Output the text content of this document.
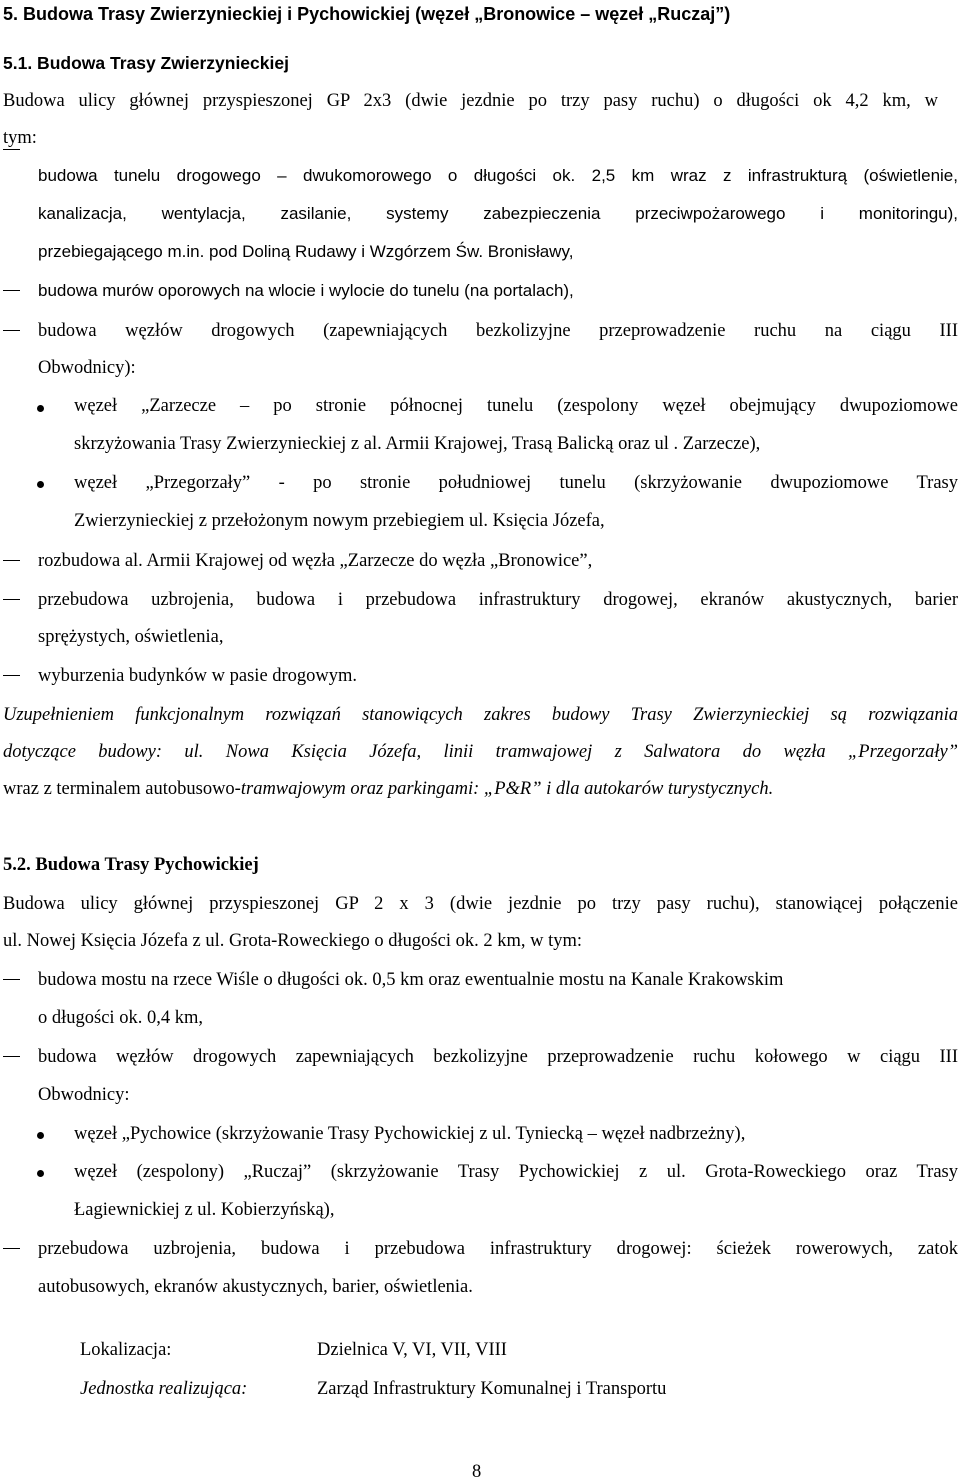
5. Budowa Trasy Zwierzynieckiej i Pychowickiej (węzeł „Bronowice – węzeł „Ruczaj”)
5.1. Budowa Trasy Zwierzynieckiej
Budowa ulicy głównej przyspieszonej GP 2x3 (dwie jezdnie po trzy pasy ruchu) o długości ok 4,2 km, w
tym:
budowa tunelu drogowego – dwukomorowego o długości ok. 2,5 km wraz z infrastrukturą (oświetlenie,
kanalizacja, wentylacja, zasilanie, systemy zabezpieczenia przeciwpożarowego i monitoringu),
przebiegającego m.in. pod Doliną Rudawy i Wzgórzem Św. Bronisławy,
budowa murów oporowych na wlocie i wylocie do tunelu (na portalach),
budowa węzłów drogowych (zapewniających bezkolizyjne przeprowadzenie ruchu na ciągu III
Obwodnicy):
węzeł „Zarzecze – po stronie północnej tunelu (zespolony węzeł obejmujący dwupoziomowe
skrzyżowania Trasy Zwierzynieckiej z al. Armii Krajowej, Trasą Balicką oraz ul . Zarzecze),
węzeł „Przegorzały” - po stronie południowej tunelu (skrzyżowanie dwupoziomowe Trasy
Zwierzynieckiej z przełożonym nowym przebiegiem ul. Księcia Józefa,
rozbudowa al. Armii Krajowej od węzła „Zarzecze do węzła „Bronowice”,
przebudowa uzbrojenia, budowa i przebudowa infrastruktury drogowej, ekranów akustycznych, barier
sprężystych, oświetlenia,
wyburzenia budynków w pasie drogowym.
Uzupełnieniem funkcjonalnym rozwiązań stanowiących zakres budowy Trasy Zwierzynieckiej są rozwiązania
dotyczące budowy: ul. Nowa Księcia Józefa, linii tramwajowej z Salwatora do węzła „Przegorzały”
wraz z terminalem autobusowo-tramwajowym oraz parkingami: „P&R” i dla autokarów turystycznych.
5.2. Budowa Trasy Pychowickiej
Budowa ulicy głównej przyspieszonej GP 2 x 3 (dwie jezdnie po trzy pasy ruchu), stanowiącej połączenie
ul. Nowej Księcia Józefa z ul. Grota-Roweckiego o długości ok. 2 km, w tym:
budowa mostu na rzece Wiśle o długości ok. 0,5 km oraz ewentualnie mostu na Kanale Krakowskim
o długości ok. 0,4 km,
budowa węzłów drogowych zapewniających bezkolizyjne przeprowadzenie ruchu kołowego w ciągu III
Obwodnicy:
węzeł „Pychowice (skrzyżowanie Trasy Pychowickiej z ul. Tyniecką – węzeł nadbrzeżny),
węzeł (zespolony) „Ruczaj” (skrzyżowanie Trasy Pychowickiej z ul. Grota-Roweckiego oraz Trasy
Łagiewnickiej z ul. Kobierzyńską),
przebudowa uzbrojenia, budowa i przebudowa infrastruktury drogowej: ścieżek rowerowych, zatok
autobusowych, ekranów akustycznych, barier, oświetlenia.
Lokalizacja:	Dzielnica V, VI, VII, VIII
Jednostka realizująca:	Zarząd Infrastruktury Komunalnej i Transportu
8
